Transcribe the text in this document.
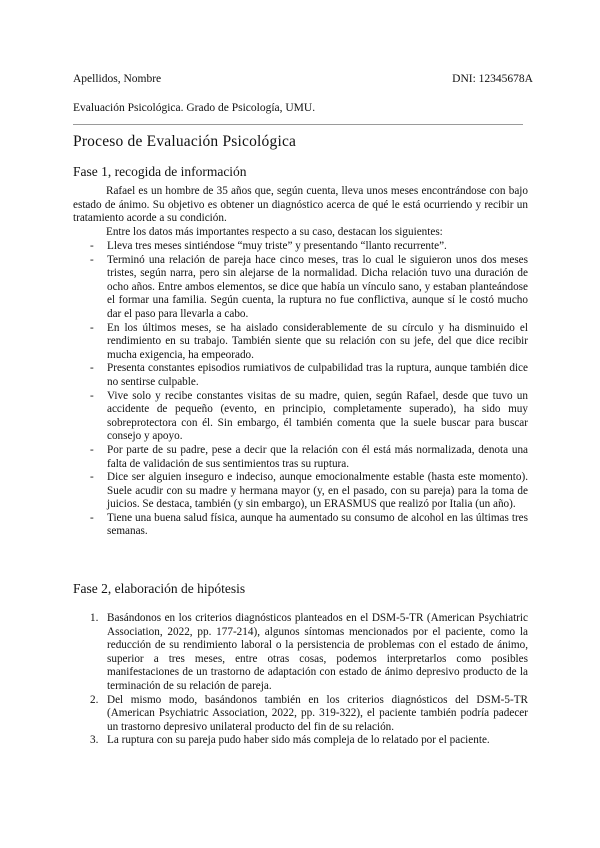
Apellidos, Nombre	DNI: 12345678A
Evaluación Psicológica. Grado de Psicología, UMU.
Proceso de Evaluación Psicológica
Fase 1, recogida de información

Rafael es un hombre de 35 años que, según cuenta, lleva unos meses encontrándose con bajo estado de ánimo. Su objetivo es obtener un diagnóstico acerca de qué le está ocurriendo y recibir un tratamiento acorde a su condición.

Entre los datos más importantes respecto a su caso, destacan los siguientes:

- Lleva tres meses sintiéndose “muy triste” y presentando “llanto recurrente”.
- Terminó una relación de pareja hace cinco meses, tras lo cual le siguieron unos dos meses tristes, según narra, pero sin alejarse de la normalidad. Dicha relación tuvo una duración de ocho años. Entre ambos elementos, se dice que había un vínculo sano, y estaban planteándose el formar una familia. Según cuenta, la ruptura no fue conflictiva, aunque sí le costó mucho dar el paso para llevarla a cabo.
- En los últimos meses, se ha aislado considerablemente de su círculo y ha disminuido el rendimiento en su trabajo. También siente que su relación con su jefe, del que dice recibir mucha exigencia, ha empeorado.
- Presenta constantes episodios rumiativos de culpabilidad tras la ruptura, aunque también dice no sentirse culpable.
- Vive solo y recibe constantes visitas de su madre, quien, según Rafael, desde que tuvo un accidente de pequeño (evento, en principio, completamente superado), ha sido muy sobreprotectora con él. Sin embargo, él también comenta que la suele buscar para buscar consejo y apoyo.
- Por parte de su padre, pese a decir que la relación con él está más normalizada, denota una falta de validación de sus sentimientos tras su ruptura.
- Dice ser alguien inseguro e indeciso, aunque emocionalmente estable (hasta este momento). Suele acudir con su madre y hermana mayor (y, en el pasado, con su pareja) para la toma de juicios. Se destaca, también (y sin embargo), un ERASMUS que realizó por Italia (un año).
- Tiene una buena salud física, aunque ha aumentado su consumo de alcohol en las últimas tres semanas.
Fase 2, elaboración de hipótesis
1. Basándonos en los criterios diagnósticos planteados en el DSM-5-TR (American Psychiatric Association, 2022, pp. 177-214), algunos síntomas mencionados por el paciente, como la reducción de su rendimiento laboral o la persistencia de problemas con el estado de ánimo, superior a tres meses, entre otras cosas, podemos interpretarlos como posibles manifestaciones de un trastorno de adaptación con estado de ánimo depresivo producto de la terminación de su relación de pareja.
2. Del mismo modo, basándonos también en los criterios diagnósticos del DSM-5-TR (American Psychiatric Association, 2022, pp. 319-322), el paciente también podría padecer un trastorno depresivo unilateral producto del fin de su relación.
3. La ruptura con su pareja pudo haber sido más compleja de lo relatado por el paciente.
